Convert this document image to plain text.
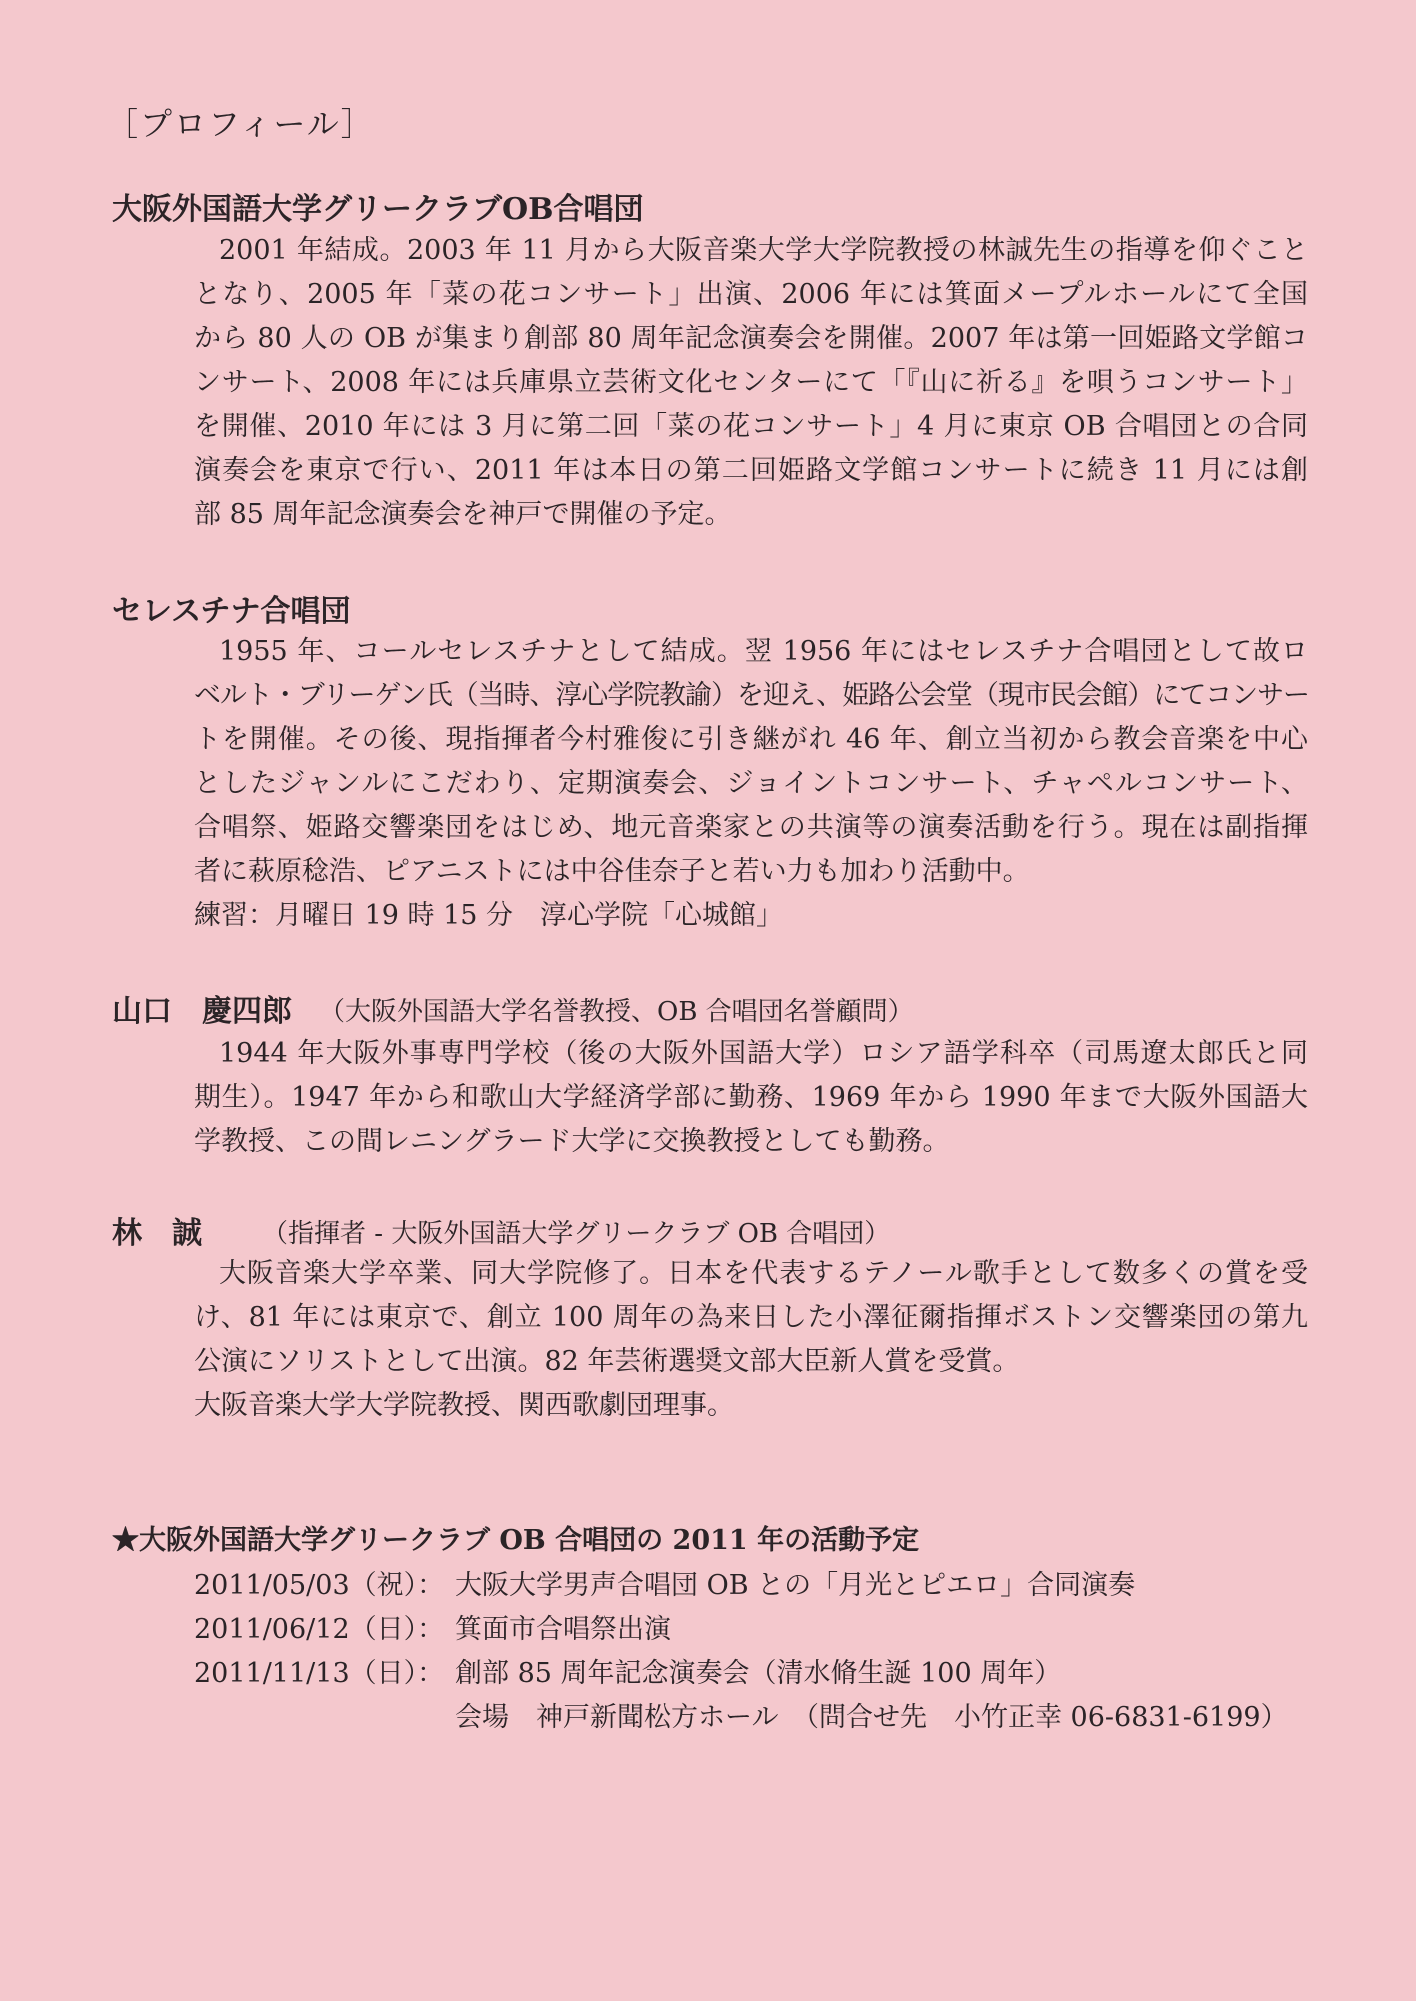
［プロフィール］
大阪外国語大学グリークラブOB合唱団
2001 年結成。2003 年 11 月から大阪音楽大学大学院教授の林誠先生の指導を仰ぐこと
となり、2005 年「菜の花コンサート」出演、2006 年には箕面メープルホールにて全国
から 80 人の OB が集まり創部 80 周年記念演奏会を開催。2007 年は第一回姫路文学館コ
ンサート、2008 年には兵庫県立芸術文化センターにて「『山に祈る』を唄うコンサート」
を開催、2010 年には 3 月に第二回「菜の花コンサート」4 月に東京 OB 合唱団との合同
演奏会を東京で行い、2011 年は本日の第二回姫路文学館コンサートに続き 11 月には創
部 85 周年記念演奏会を神戸で開催の予定。
セレスチナ合唱団
1955 年、コールセレスチナとして結成。翌 1956 年にはセレスチナ合唱団として故ロ
ベルト・ブリーゲン氏（当時、淳心学院教諭）を迎え、姫路公会堂（現市民会館）にてコンサー
トを開催。その後、現指揮者今村雅俊に引き継がれ 46 年、創立当初から教会音楽を中心
としたジャンルにこだわり、定期演奏会、ジョイントコンサート、チャペルコンサート、
合唱祭、姫路交響楽団をはじめ、地元音楽家との共演等の演奏活動を行う。現在は副指揮
者に萩原稔浩、ピアニストには中谷佳奈子と若い力も加わり活動中。
練習：月曜日 19 時 15 分　淳心学院「心城館」
山口　慶四郎 （大阪外国語大学名誉教授、OB 合唱団名誉顧問）
1944 年大阪外事専門学校（後の大阪外国語大学）ロシア語学科卒（司馬遼太郎氏と同
期生）。1947 年から和歌山大学経済学部に勤務、1969 年から 1990 年まで大阪外国語大
学教授、この間レニングラード大学に交換教授としても勤務。
林　誠 （指揮者 - 大阪外国語大学グリークラブ OB 合唱団）
大阪音楽大学卒業、同大学院修了。日本を代表するテノール歌手として数多くの賞を受
け、81 年には東京で、創立 100 周年の為来日した小澤征爾指揮ボストン交響楽団の第九
公演にソリストとして出演。82 年芸術選奨文部大臣新人賞を受賞。
大阪音楽大学大学院教授、関西歌劇団理事。
★大阪外国語大学グリークラブ OB 合唱団の 2011 年の活動予定
2011/05/03（祝）： 大阪大学男声合唱団 OB との「月光とピエロ」合同演奏
2011/06/12（日）： 箕面市合唱祭出演
2011/11/13（日）： 創部 85 周年記念演奏会（清水脩生誕 100 周年）
会場　神戸新聞松方ホール　（問合せ先　小竹正幸 06-6831-6199）
